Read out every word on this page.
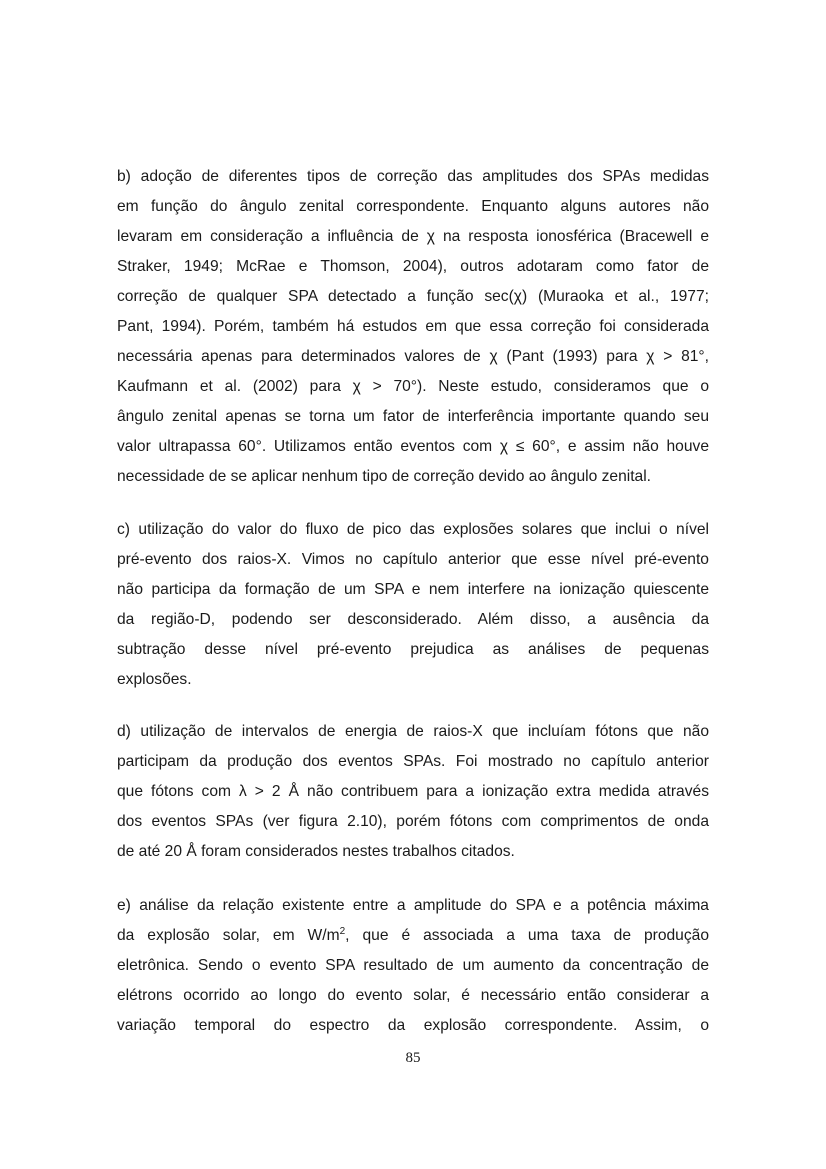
b) adoção de diferentes tipos de correção das amplitudes dos SPAs medidas
em função do ângulo zenital correspondente. Enquanto alguns autores não
levaram em consideração a influência de χ na resposta ionosférica (Bracewell e
Straker, 1949; McRae e Thomson, 2004), outros adotaram como fator de
correção de qualquer SPA detectado a função sec(χ) (Muraoka et al., 1977;
Pant, 1994). Porém, também há estudos em que essa correção foi considerada
necessária apenas para determinados valores de χ (Pant (1993) para χ > 81°,
Kaufmann et al. (2002) para χ > 70°). Neste estudo, consideramos que o
ângulo zenital apenas se torna um fator de interferência importante quando seu
valor ultrapassa 60°. Utilizamos então eventos com χ ≤ 60°, e assim não houve
necessidade de se aplicar nenhum tipo de correção devido ao ângulo zenital.
c) utilização do valor do fluxo de pico das explosões solares que inclui o nível
pré-evento dos raios-X. Vimos no capítulo anterior que esse nível pré-evento
não participa da formação de um SPA e nem interfere na ionização quiescente
da região-D, podendo ser desconsiderado. Além disso, a ausência da
subtração desse nível pré-evento prejudica as análises de pequenas
explosões.
d) utilização de intervalos de energia de raios-X que incluíam fótons que não
participam da produção dos eventos SPAs. Foi mostrado no capítulo anterior
que fótons com λ > 2 Å não contribuem para a ionização extra medida através
dos eventos SPAs (ver figura 2.10), porém fótons com comprimentos de onda
de até 20 Å foram considerados nestes trabalhos citados.
e) análise da relação existente entre a amplitude do SPA e a potência máxima
da explosão solar, em $W/m^2$, que é associada a uma taxa de produção
eletrônica. Sendo o evento SPA resultado de um aumento da concentração de
elétrons ocorrido ao longo do evento solar, é necessário então considerar a
variação temporal do espectro da explosão correspondente. Assim, o
85
